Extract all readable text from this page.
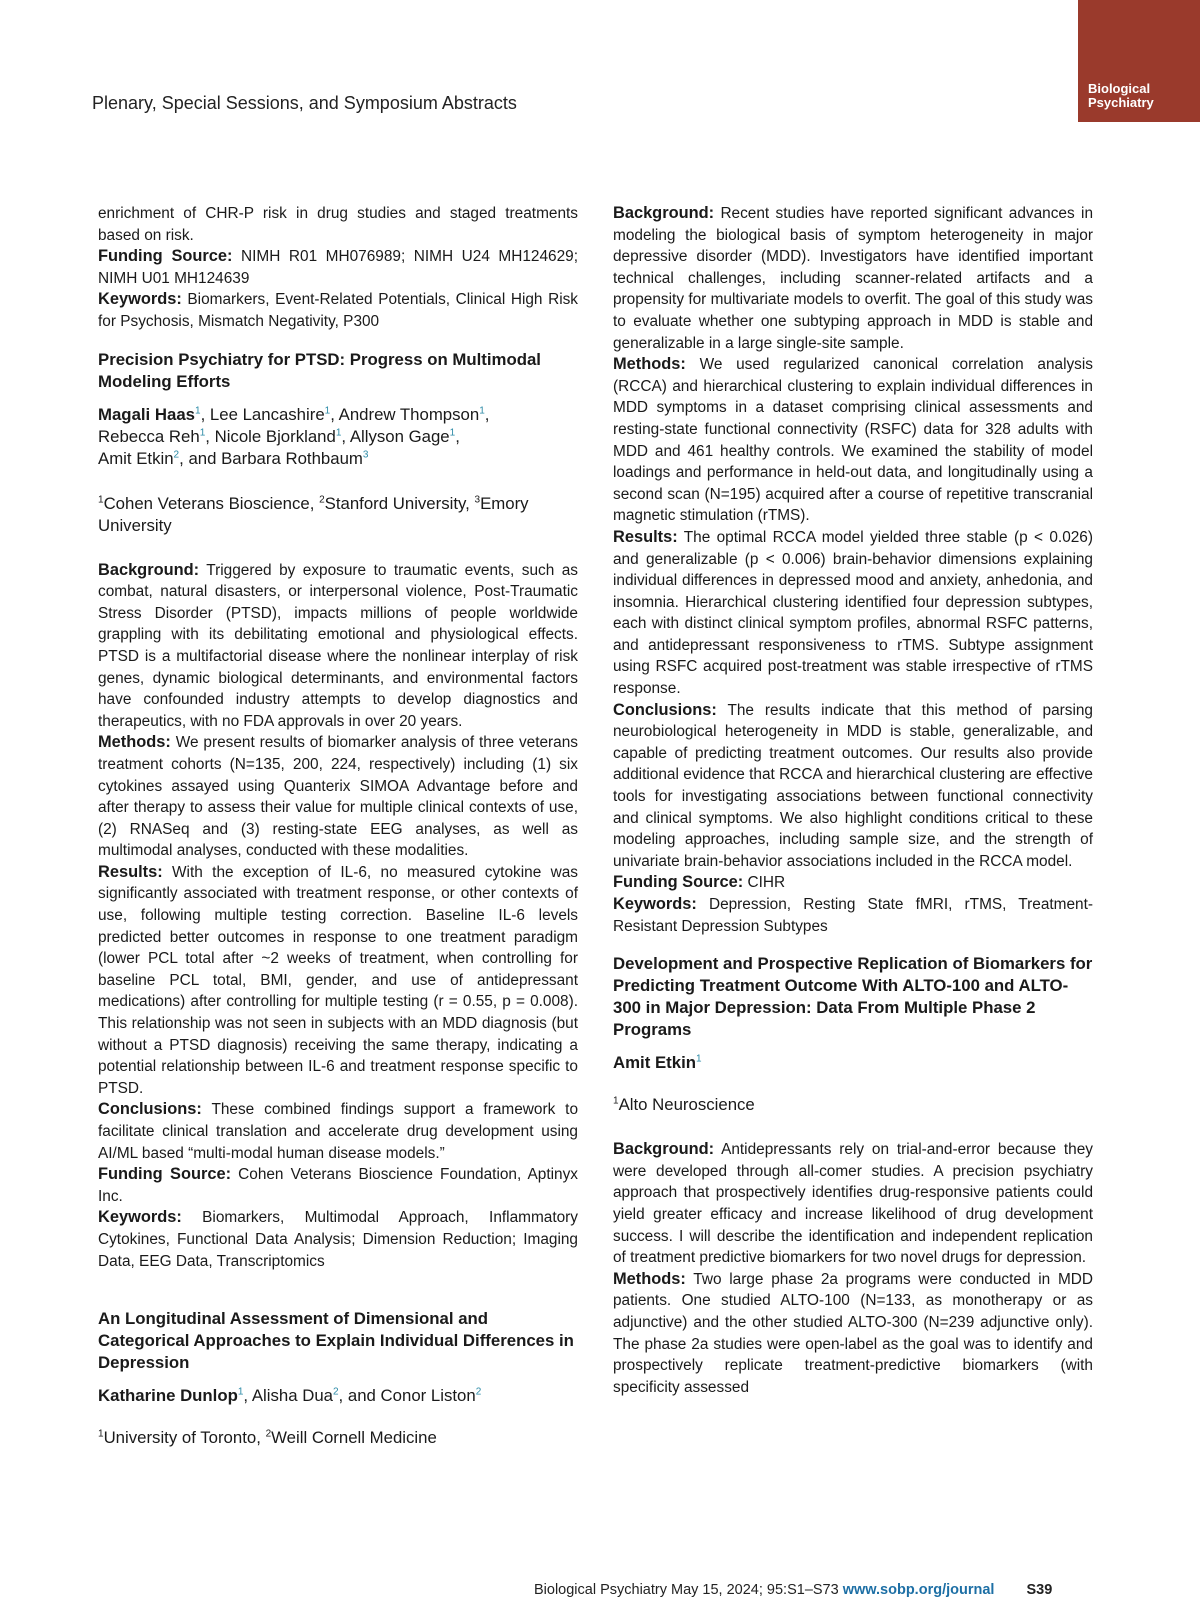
Plenary, Special Sessions, and Symposium Abstracts
Biological
Psychiatry

enrichment of CHR-P risk in drug studies and staged treatments based on risk.

Funding Source: NIMH R01 MH076989; NIMH U24 MH124629; NIMH U01 MH124639

Keywords: Biomarkers, Event-Related Potentials, Clinical High Risk for Psychosis, Mismatch Negativity, P300

Precision Psychiatry for PTSD: Progress on Multimodal Modeling Efforts

Magali Haas$^1$, Lee Lancashire$^1$, Andrew Thompson$^1$,
Rebecca Reh$^1$, Nicole Bjorkland$^1$, Allyson Gage$^1$,
Amit Etkin$^2$, and Barbara Rothbaum$^3$

$^1$Cohen Veterans Bioscience, $^2$Stanford University, $^3$Emory University

Background: Triggered by exposure to traumatic events, such as combat, natural disasters, or interpersonal violence, Post-Traumatic Stress Disorder (PTSD), impacts millions of people worldwide grappling with its debilitating emotional and physiological effects. PTSD is a multifactorial disease where the nonlinear interplay of risk genes, dynamic biological determinants, and environmental factors have confounded industry attempts to develop diagnostics and therapeutics, with no FDA approvals in over 20 years.

Methods: We present results of biomarker analysis of three veterans treatment cohorts (N=135, 200, 224, respectively) including (1) six cytokines assayed using Quanterix SIMOA Advantage before and after therapy to assess their value for multiple clinical contexts of use, (2) RNASeq and (3) resting-state EEG analyses, as well as multimodal analyses, conducted with these modalities.

Results: With the exception of IL-6, no measured cytokine was significantly associated with treatment response, or other contexts of use, following multiple testing correction. Baseline IL-6 levels predicted better outcomes in response to one treatment paradigm (lower PCL total after ~2 weeks of treatment, when controlling for baseline PCL total, BMI, gender, and use of antidepressant medications) after controlling for multiple testing (r = 0.55, p = 0.008). This relationship was not seen in subjects with an MDD diagnosis (but without a PTSD diagnosis) receiving the same therapy, indicating a potential relationship between IL-6 and treatment response specific to PTSD.

Conclusions: These combined findings support a framework to facilitate clinical translation and accelerate drug development using AI/ML based “multi-modal human disease models.”

Funding Source: Cohen Veterans Bioscience Foundation, Aptinyx Inc.

Keywords: Biomarkers, Multimodal Approach, Inflammatory Cytokines, Functional Data Analysis; Dimension Reduction; Imaging Data, EEG Data, Transcriptomics

An Longitudinal Assessment of Dimensional and Categorical Approaches to Explain Individual Differences in Depression

Katharine Dunlop$^1$, Alisha Dua$^2$, and Conor Liston$^2$

$^1$University of Toronto, $^2$Weill Cornell Medicine

Background: Recent studies have reported significant advances in modeling the biological basis of symptom heterogeneity in major depressive disorder (MDD). Investigators have identified important technical challenges, including scanner-related artifacts and a propensity for multivariate models to overfit. The goal of this study was to evaluate whether one subtyping approach in MDD is stable and generalizable in a large single-site sample.

Methods: We used regularized canonical correlation analysis (RCCA) and hierarchical clustering to explain individual differences in MDD symptoms in a dataset comprising clinical assessments and resting-state functional connectivity (RSFC) data for 328 adults with MDD and 461 healthy controls. We examined the stability of model loadings and performance in held-out data, and longitudinally using a second scan (N=195) acquired after a course of repetitive transcranial magnetic stimulation (rTMS).

Results: The optimal RCCA model yielded three stable (p < 0.026) and generalizable (p < 0.006) brain-behavior dimensions explaining individual differences in depressed mood and anxiety, anhedonia, and insomnia. Hierarchical clustering identified four depression subtypes, each with distinct clinical symptom profiles, abnormal RSFC patterns, and antidepressant responsiveness to rTMS. Subtype assignment using RSFC acquired post-treatment was stable irrespective of rTMS response.

Conclusions: The results indicate that this method of parsing neurobiological heterogeneity in MDD is stable, generalizable, and capable of predicting treatment outcomes. Our results also provide additional evidence that RCCA and hierarchical clustering are effective tools for investigating associations between functional connectivity and clinical symptoms. We also highlight conditions critical to these modeling approaches, including sample size, and the strength of univariate brain-behavior associations included in the RCCA model.

Funding Source: CIHR

Keywords: Depression, Resting State fMRI, rTMS, Treatment-Resistant Depression Subtypes

Development and Prospective Replication of Biomarkers for Predicting Treatment Outcome With ALTO-100 and ALTO-300 in Major Depression: Data From Multiple Phase 2 Programs

Amit Etkin$^1$

$^1$Alto Neuroscience

Background: Antidepressants rely on trial-and-error because they were developed through all-comer studies. A precision psychiatry approach that prospectively identifies drug-responsive patients could yield greater efficacy and increase likelihood of drug development success. I will describe the identification and independent replication of treatment predictive biomarkers for two novel drugs for depression.

Methods: Two large phase 2a programs were conducted in MDD patients. One studied ALTO-100 (N=133, as monotherapy or as adjunctive) and the other studied ALTO-300 (N=239 adjunctive only). The phase 2a studies were open-label as the goal was to identify and prospectively replicate treatment-predictive biomarkers (with specificity assessed

Biological Psychiatry May 15, 2024; 95:S1–S73 www.sobp.org/journal S39
